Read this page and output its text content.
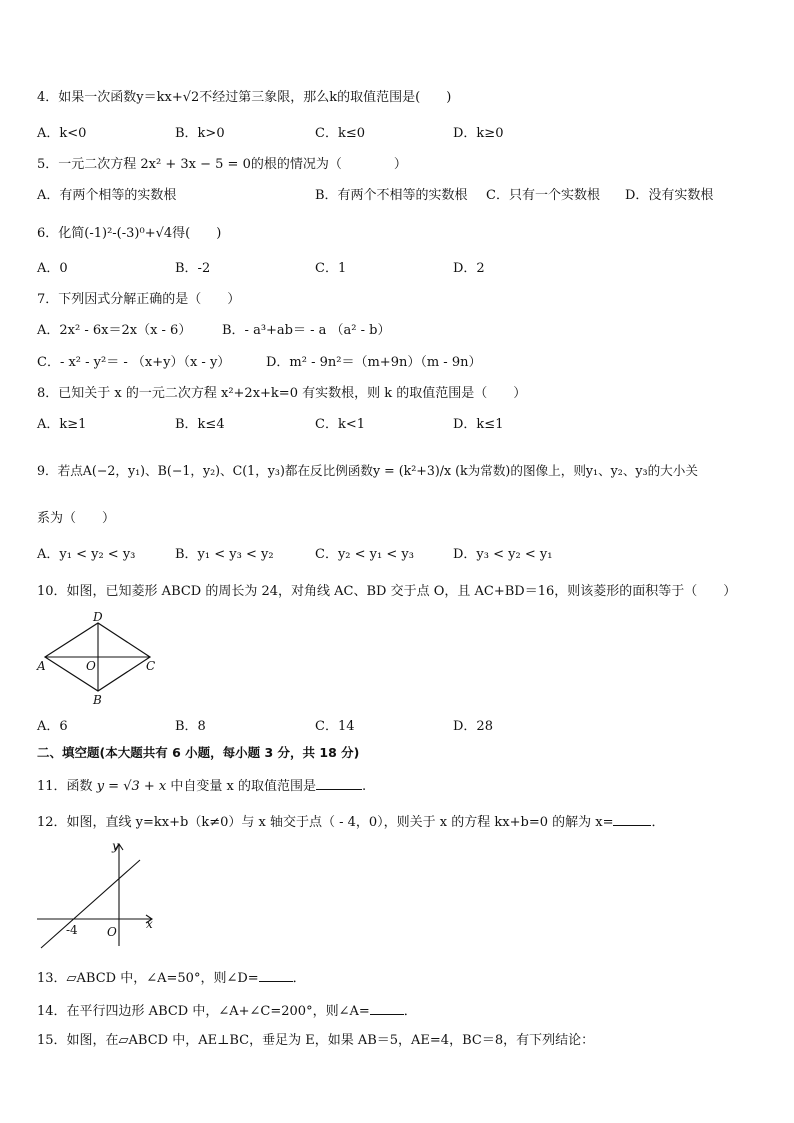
4．如果一次函数y＝kx+√2不经过第三象限，那么k的取值范围是(　　)
A．k<0	B．k>0	C．k≤0	D．k≥0
5．一元二次方程 2x² + 3x − 5 = 0的根的情况为（　　　　）
A．有两个相等的实数根	B．有两个不相等的实数根 C．只有一个实数根 D．没有实数根
6．化简(-1)²-(-3)⁰+√4得(　　)
A．0	B．-2	C．1	D．2
7．下列因式分解正确的是（　　）
A．2x² - 6x＝2x（x - 6） B．- a³+ab＝ - a （a² - b）
C．- x² - y²＝ - （x+y）（x - y）	D．m² - 9n²＝（m+9n）（m - 9n）
8．已知关于 x 的一元二次方程 x²+2x+k=0 有实数根，则 k 的取值范围是（　　）
A．k≥1	B．k≤4	C．k<1	D．k≤1
9．若点A(−2，y₁)、B(−1，y₂)、C(1，y₃)都在反比例函数y = (k²+3)/x (k为常数)的图像上，则y₁、y₂、y₃的大小关
系为（　　）
A．y₁ < y₂ < y₃	B．y₁ < y₃ < y₂	C．y₂ < y₁ < y₃	D．y₃ < y₂ < y₁
10．如图，已知菱形 ABCD 的周长为 24，对角线 AC、BD 交于点 O，且 AC+BD＝16，则该菱形的面积等于（　　）
D
A	O	C
B
A．6	B．8	C．14	D．28
二、填空题(本大题共有 6 小题，每小题 3 分，共 18 分)
11．函数 y = √3 + x 中自变量 x 的取值范围是	.
12．如图，直线 y=kx+b（k≠0）与 x 轴交于点（ - 4，0），则关于 x 的方程 kx+b=0 的解为 x=	．
y
x
-4 O
13．▱ABCD 中，∠A=50°，则∠D=	．
14．在平行四边形 ABCD 中，∠A+∠C=200°，则∠A=	．
15．如图，在▱ABCD 中，AE⊥BC，垂足为 E，如果 AB＝5，AE=4，BC＝8，有下列结论：
